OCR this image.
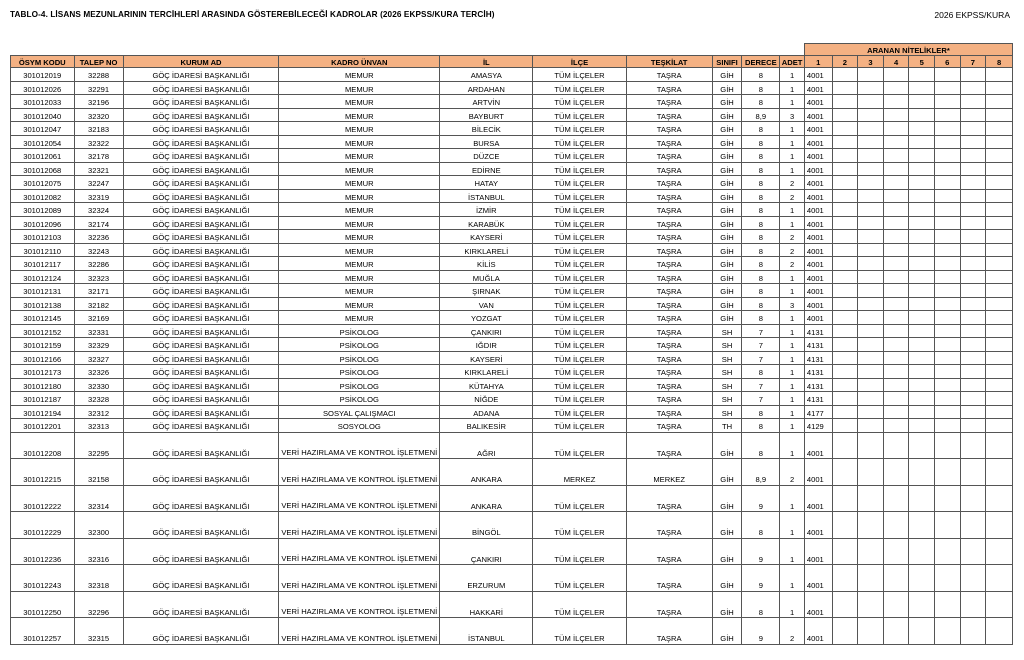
TABLO-4. LİSANS MEZUNLARININ TERCİHLERİ ARASINDA GÖSTEREBİLECEĞİ KADROLAR (2026 EKPSS/KURA TERCİH)	2026 EKPSS/KURA
										ARANAN NİTELİKLER*							
ÖSYM KODU	TALEP NO	KURUM AD	KADRO ÜNVAN	İL	İLÇE	TEŞKİLAT	SINIFI	DERECE	ADET	1	2	3	4	5	6	7	8
301012019	32288	GÖÇ İDARESİ BAŞKANLIĞI	MEMUR	AMASYA	TÜM İLÇELER	TAŞRA	GİH	8	1	4001							
301012026	32291	GÖÇ İDARESİ BAŞKANLIĞI	MEMUR	ARDAHAN	TÜM İLÇELER	TAŞRA	GİH	8	1	4001							
301012033	32196	GÖÇ İDARESİ BAŞKANLIĞI	MEMUR	ARTVİN	TÜM İLÇELER	TAŞRA	GİH	8	1	4001							
301012040	32320	GÖÇ İDARESİ BAŞKANLIĞI	MEMUR	BAYBURT	TÜM İLÇELER	TAŞRA	GİH	8,9	3	4001							
301012047	32183	GÖÇ İDARESİ BAŞKANLIĞI	MEMUR	BİLECİK	TÜM İLÇELER	TAŞRA	GİH	8	1	4001							
301012054	32322	GÖÇ İDARESİ BAŞKANLIĞI	MEMUR	BURSA	TÜM İLÇELER	TAŞRA	GİH	8	1	4001							
301012061	32178	GÖÇ İDARESİ BAŞKANLIĞI	MEMUR	DÜZCE	TÜM İLÇELER	TAŞRA	GİH	8	1	4001							
301012068	32321	GÖÇ İDARESİ BAŞKANLIĞI	MEMUR	EDİRNE	TÜM İLÇELER	TAŞRA	GİH	8	1	4001							
301012075	32247	GÖÇ İDARESİ BAŞKANLIĞI	MEMUR	HATAY	TÜM İLÇELER	TAŞRA	GİH	8	2	4001							
301012082	32319	GÖÇ İDARESİ BAŞKANLIĞI	MEMUR	İSTANBUL	TÜM İLÇELER	TAŞRA	GİH	8	2	4001							
301012089	32324	GÖÇ İDARESİ BAŞKANLIĞI	MEMUR	İZMİR	TÜM İLÇELER	TAŞRA	GİH	8	1	4001							
301012096	32174	GÖÇ İDARESİ BAŞKANLIĞI	MEMUR	KARABÜK	TÜM İLÇELER	TAŞRA	GİH	8	1	4001							
301012103	32236	GÖÇ İDARESİ BAŞKANLIĞI	MEMUR	KAYSERİ	TÜM İLÇELER	TAŞRA	GİH	8	2	4001							
301012110	32243	GÖÇ İDARESİ BAŞKANLIĞI	MEMUR	KIRKLARELİ	TÜM İLÇELER	TAŞRA	GİH	8	2	4001							
301012117	32286	GÖÇ İDARESİ BAŞKANLIĞI	MEMUR	KİLİS	TÜM İLÇELER	TAŞRA	GİH	8	2	4001							
301012124	32323	GÖÇ İDARESİ BAŞKANLIĞI	MEMUR	MUĞLA	TÜM İLÇELER	TAŞRA	GİH	8	1	4001							
301012131	32171	GÖÇ İDARESİ BAŞKANLIĞI	MEMUR	ŞIRNAK	TÜM İLÇELER	TAŞRA	GİH	8	1	4001							
301012138	32182	GÖÇ İDARESİ BAŞKANLIĞI	MEMUR	VAN	TÜM İLÇELER	TAŞRA	GİH	8	3	4001							
301012145	32169	GÖÇ İDARESİ BAŞKANLIĞI	MEMUR	YOZGAT	TÜM İLÇELER	TAŞRA	GİH	8	1	4001							
301012152	32331	GÖÇ İDARESİ BAŞKANLIĞI	PSİKOLOG	ÇANKIRI	TÜM İLÇELER	TAŞRA	SH	7	1	4131							
301012159	32329	GÖÇ İDARESİ BAŞKANLIĞI	PSİKOLOG	IĞDIR	TÜM İLÇELER	TAŞRA	SH	7	1	4131							
301012166	32327	GÖÇ İDARESİ BAŞKANLIĞI	PSİKOLOG	KAYSERİ	TÜM İLÇELER	TAŞRA	SH	7	1	4131							
301012173	32326	GÖÇ İDARESİ BAŞKANLIĞI	PSİKOLOG	KIRKLARELİ	TÜM İLÇELER	TAŞRA	SH	8	1	4131							
301012180	32330	GÖÇ İDARESİ BAŞKANLIĞI	PSİKOLOG	KÜTAHYA	TÜM İLÇELER	TAŞRA	SH	7	1	4131							
301012187	32328	GÖÇ İDARESİ BAŞKANLIĞI	PSİKOLOG	NİĞDE	TÜM İLÇELER	TAŞRA	SH	7	1	4131							
301012194	32312	GÖÇ İDARESİ BAŞKANLIĞI	SOSYAL ÇALIŞMACI	ADANA	TÜM İLÇELER	TAŞRA	SH	8	1	4177							
301012201	32313	GÖÇ İDARESİ BAŞKANLIĞI	SOSYOLOG	BALIKESİR	TÜM İLÇELER	TAŞRA	TH	8	1	4129							
301012208	32295	GÖÇ İDARESİ BAŞKANLIĞI	VERİ HAZIRLAMA VE KONTROL İŞLETMENİ	AĞRI	TÜM İLÇELER	TAŞRA	GİH	8	1	4001							
301012215	32158	GÖÇ İDARESİ BAŞKANLIĞI	VERİ HAZIRLAMA VE KONTROL İŞLETMENİ	ANKARA	MERKEZ	MERKEZ	GİH	8,9	2	4001							
301012222	32314	GÖÇ İDARESİ BAŞKANLIĞI	VERİ HAZIRLAMA VE KONTROL İŞLETMENİ	ANKARA	TÜM İLÇELER	TAŞRA	GİH	9	1	4001							
301012229	32300	GÖÇ İDARESİ BAŞKANLIĞI	VERİ HAZIRLAMA VE KONTROL İŞLETMENİ	BİNGÖL	TÜM İLÇELER	TAŞRA	GİH	8	1	4001							
301012236	32316	GÖÇ İDARESİ BAŞKANLIĞI	VERİ HAZIRLAMA VE KONTROL İŞLETMENİ	ÇANKIRI	TÜM İLÇELER	TAŞRA	GİH	9	1	4001							
301012243	32318	GÖÇ İDARESİ BAŞKANLIĞI	VERİ HAZIRLAMA VE KONTROL İŞLETMENİ	ERZURUM	TÜM İLÇELER	TAŞRA	GİH	9	1	4001							
301012250	32296	GÖÇ İDARESİ BAŞKANLIĞI	VERİ HAZIRLAMA VE KONTROL İŞLETMENİ	HAKKARİ	TÜM İLÇELER	TAŞRA	GİH	8	1	4001							
301012257	32315	GÖÇ İDARESİ BAŞKANLIĞI	VERİ HAZIRLAMA VE KONTROL İŞLETMENİ	İSTANBUL	TÜM İLÇELER	TAŞRA	GİH	9	2	4001							
